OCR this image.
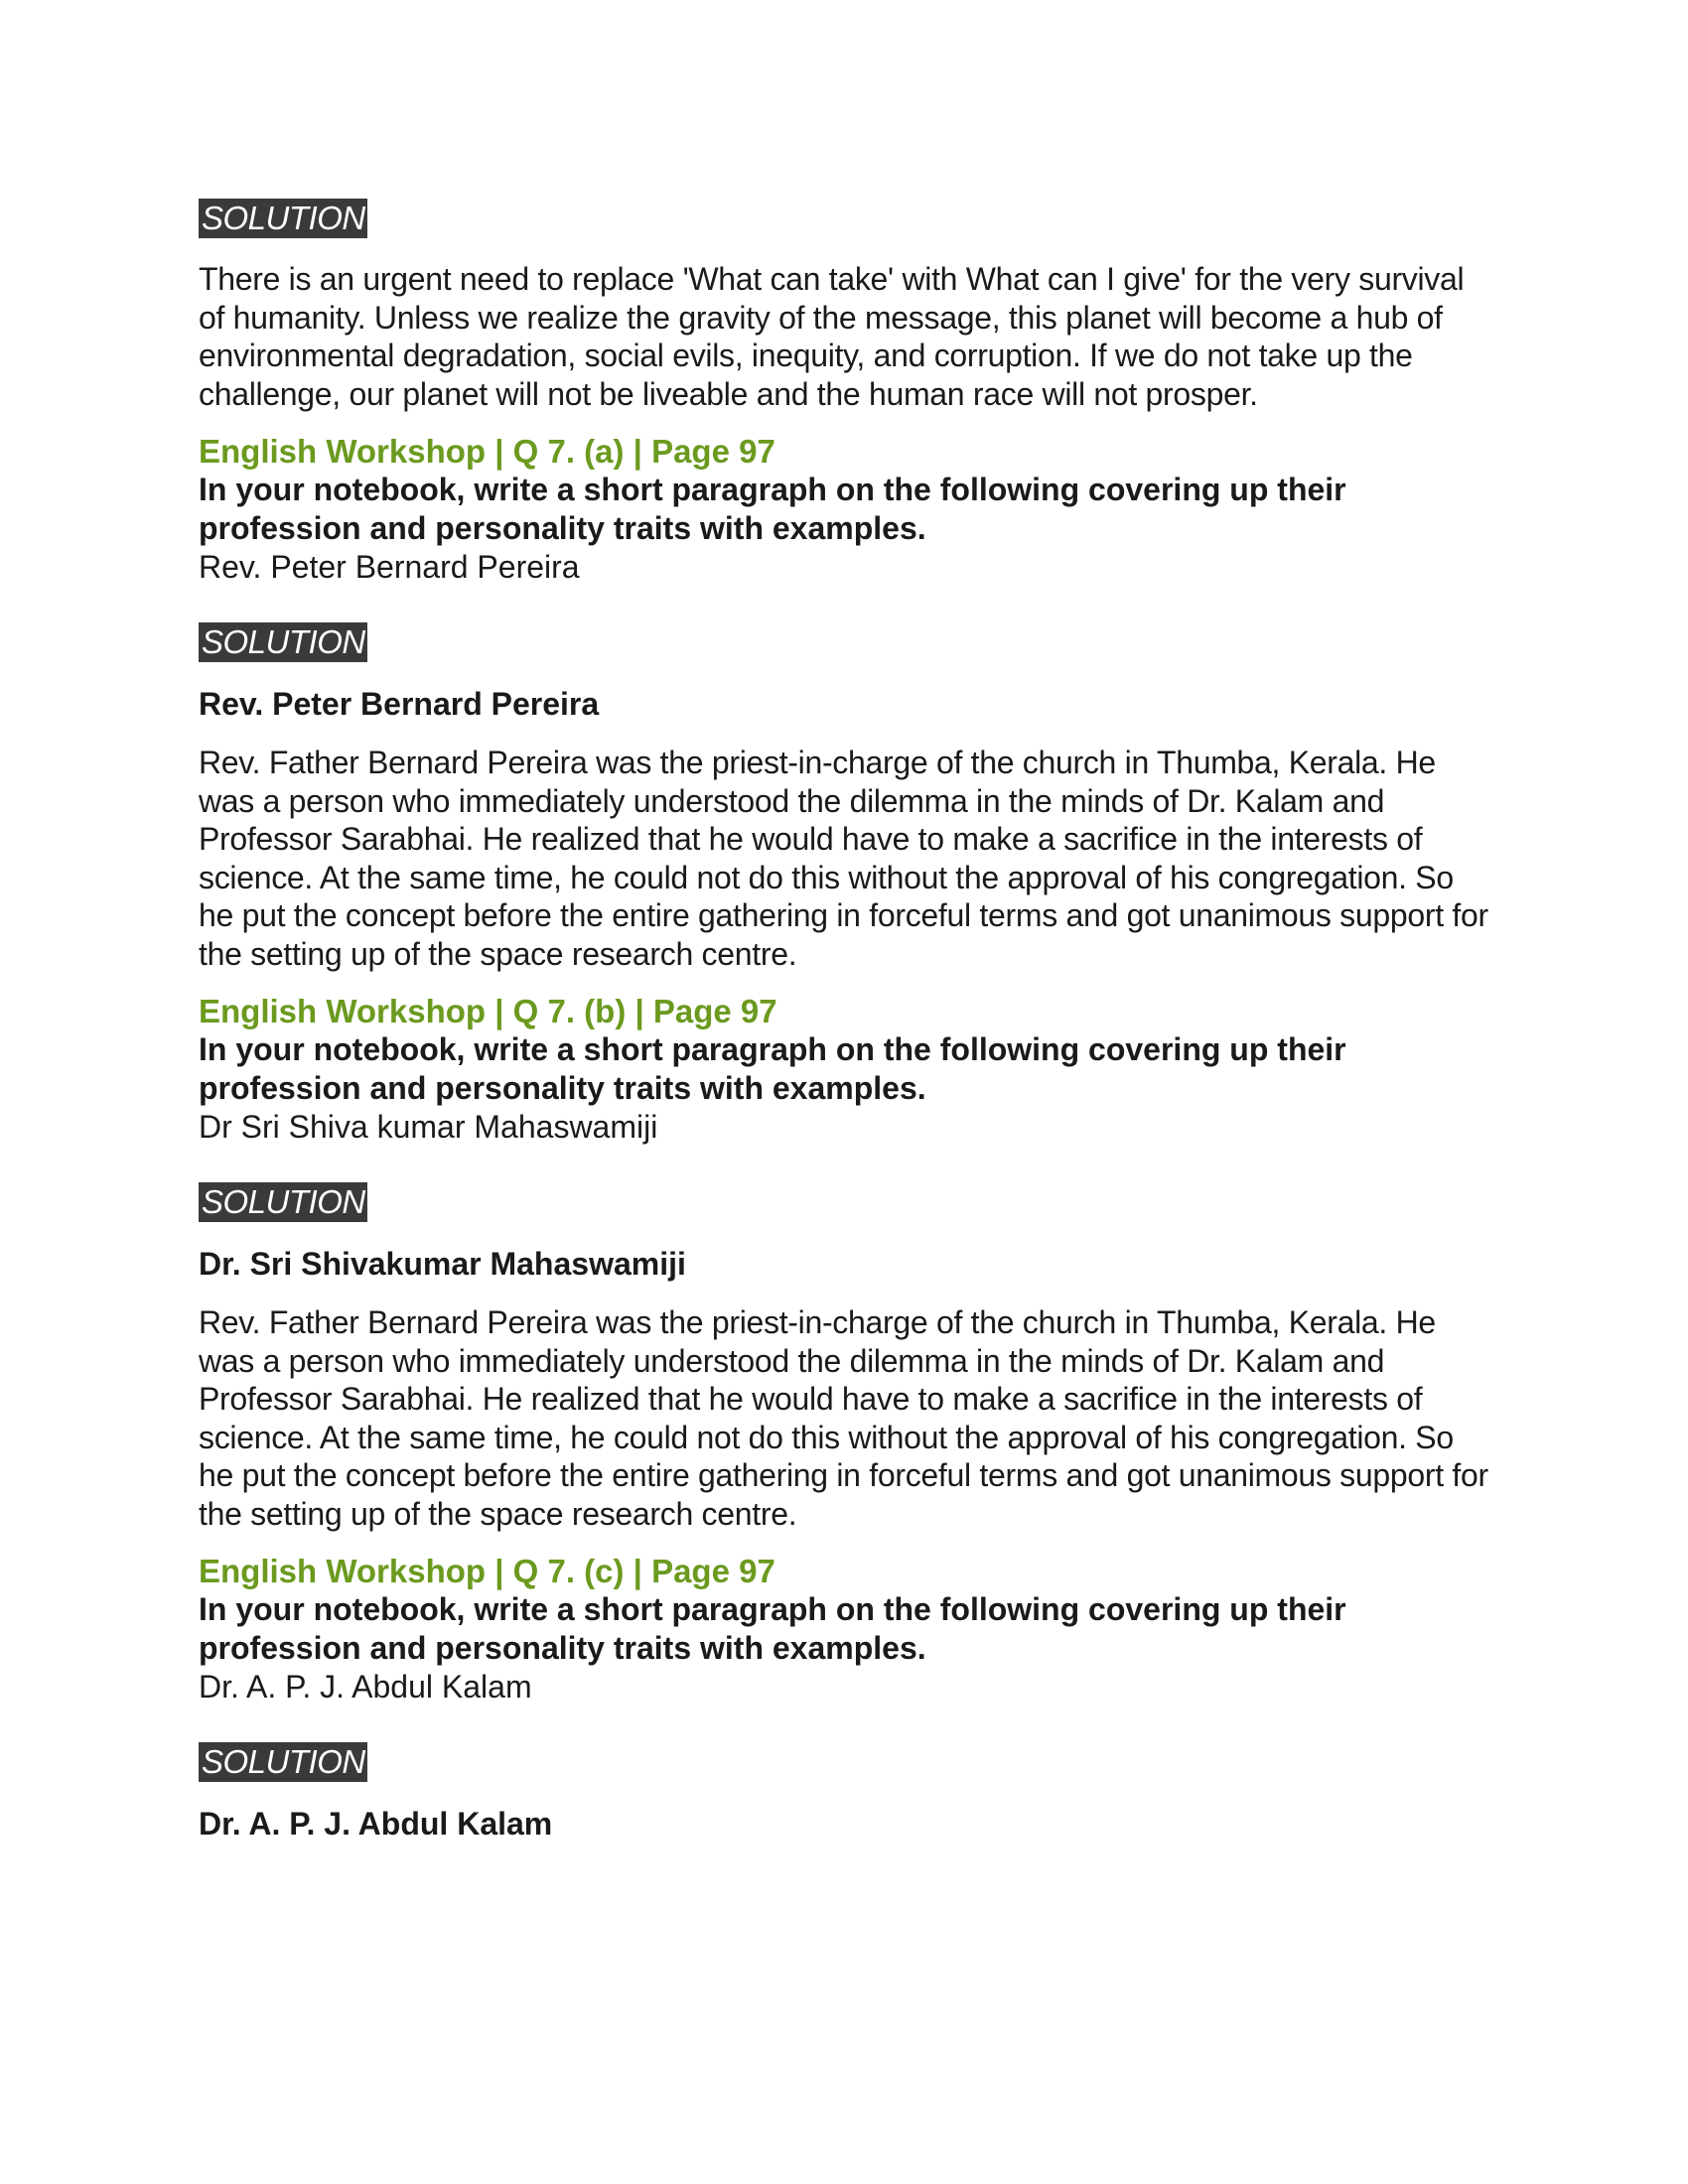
SOLUTION

There is an urgent need to replace 'What can take' with What can I give' for the very survival of humanity. Unless we realize the gravity of the message, this planet will become a hub of environmental degradation, social evils, inequity, and corruption. If we do not take up the challenge, our planet will not be liveable and the human race will not prosper.

English Workshop | Q 7. (a) | Page 97

In your notebook, write a short paragraph on the following covering up their profession and personality traits with examples.

Rev. Peter Bernard Pereira

SOLUTION

Rev. Peter Bernard Pereira

Rev. Father Bernard Pereira was the priest-in-charge of the church in Thumba, Kerala. He was a person who immediately understood the dilemma in the minds of Dr. Kalam and Professor Sarabhai. He realized that he would have to make a sacrifice in the interests of science. At the same time, he could not do this without the approval of his congregation. So he put the concept before the entire gathering in forceful terms and got unanimous support for the setting up of the space research centre.

English Workshop | Q 7. (b) | Page 97

In your notebook, write a short paragraph on the following covering up their profession and personality traits with examples.

Dr Sri Shiva kumar Mahaswamiji

SOLUTION

Dr. Sri Shivakumar Mahaswamiji

Rev. Father Bernard Pereira was the priest-in-charge of the church in Thumba, Kerala. He was a person who immediately understood the dilemma in the minds of Dr. Kalam and Professor Sarabhai. He realized that he would have to make a sacrifice in the interests of science. At the same time, he could not do this without the approval of his congregation. So he put the concept before the entire gathering in forceful terms and got unanimous support for the setting up of the space research centre.

English Workshop | Q 7. (c) | Page 97

In your notebook, write a short paragraph on the following covering up their profession and personality traits with examples.

Dr. A. P. J. Abdul Kalam

SOLUTION

Dr. A. P. J. Abdul Kalam
